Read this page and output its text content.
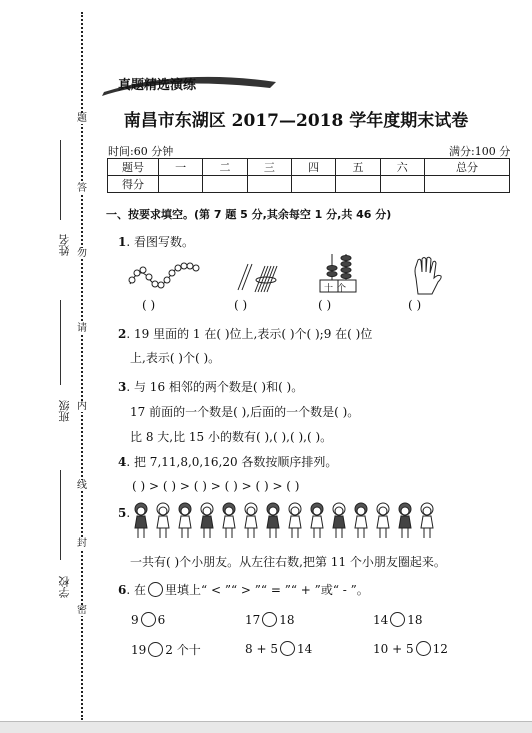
题
答
勿
请
内
线
封
密
姓名
班级
学校
真题精选演练
南昌市东湖区 2017—2018 学年度期末试卷
时间:60 分钟	满分:100 分
题号	一	二	三	四	五	六	总分
得分							
一、按要求填空。(第 7 题 5 分,其余每空 1 分,共 46 分)
1. 看图写数。
十个
( )	( )	( )	( )
2. 19 里面的 1 在( )位上,表示( )个( );9 在( )位
上,表示( )个( )。
3. 与 16 相邻的两个数是( )和( )。
17 前面的一个数是( ),后面的一个数是( )。
比 8 大,比 15 小的数有( ),( ),( ),( )。
4. 把 7,11,8,0,16,20 各数按顺序排列。
( ) > ( ) > ( ) > ( ) > ( ) > ( )
5.
一共有( )个小朋友。从左往右数,把第 11 个小朋友圈起来。
6. 在 里填上“ < ”“ > ”“ = ”“ + ”或“ - ”。
9 6	17 18	14 18
19 2 个十	8 + 5 14	10 + 5 12
